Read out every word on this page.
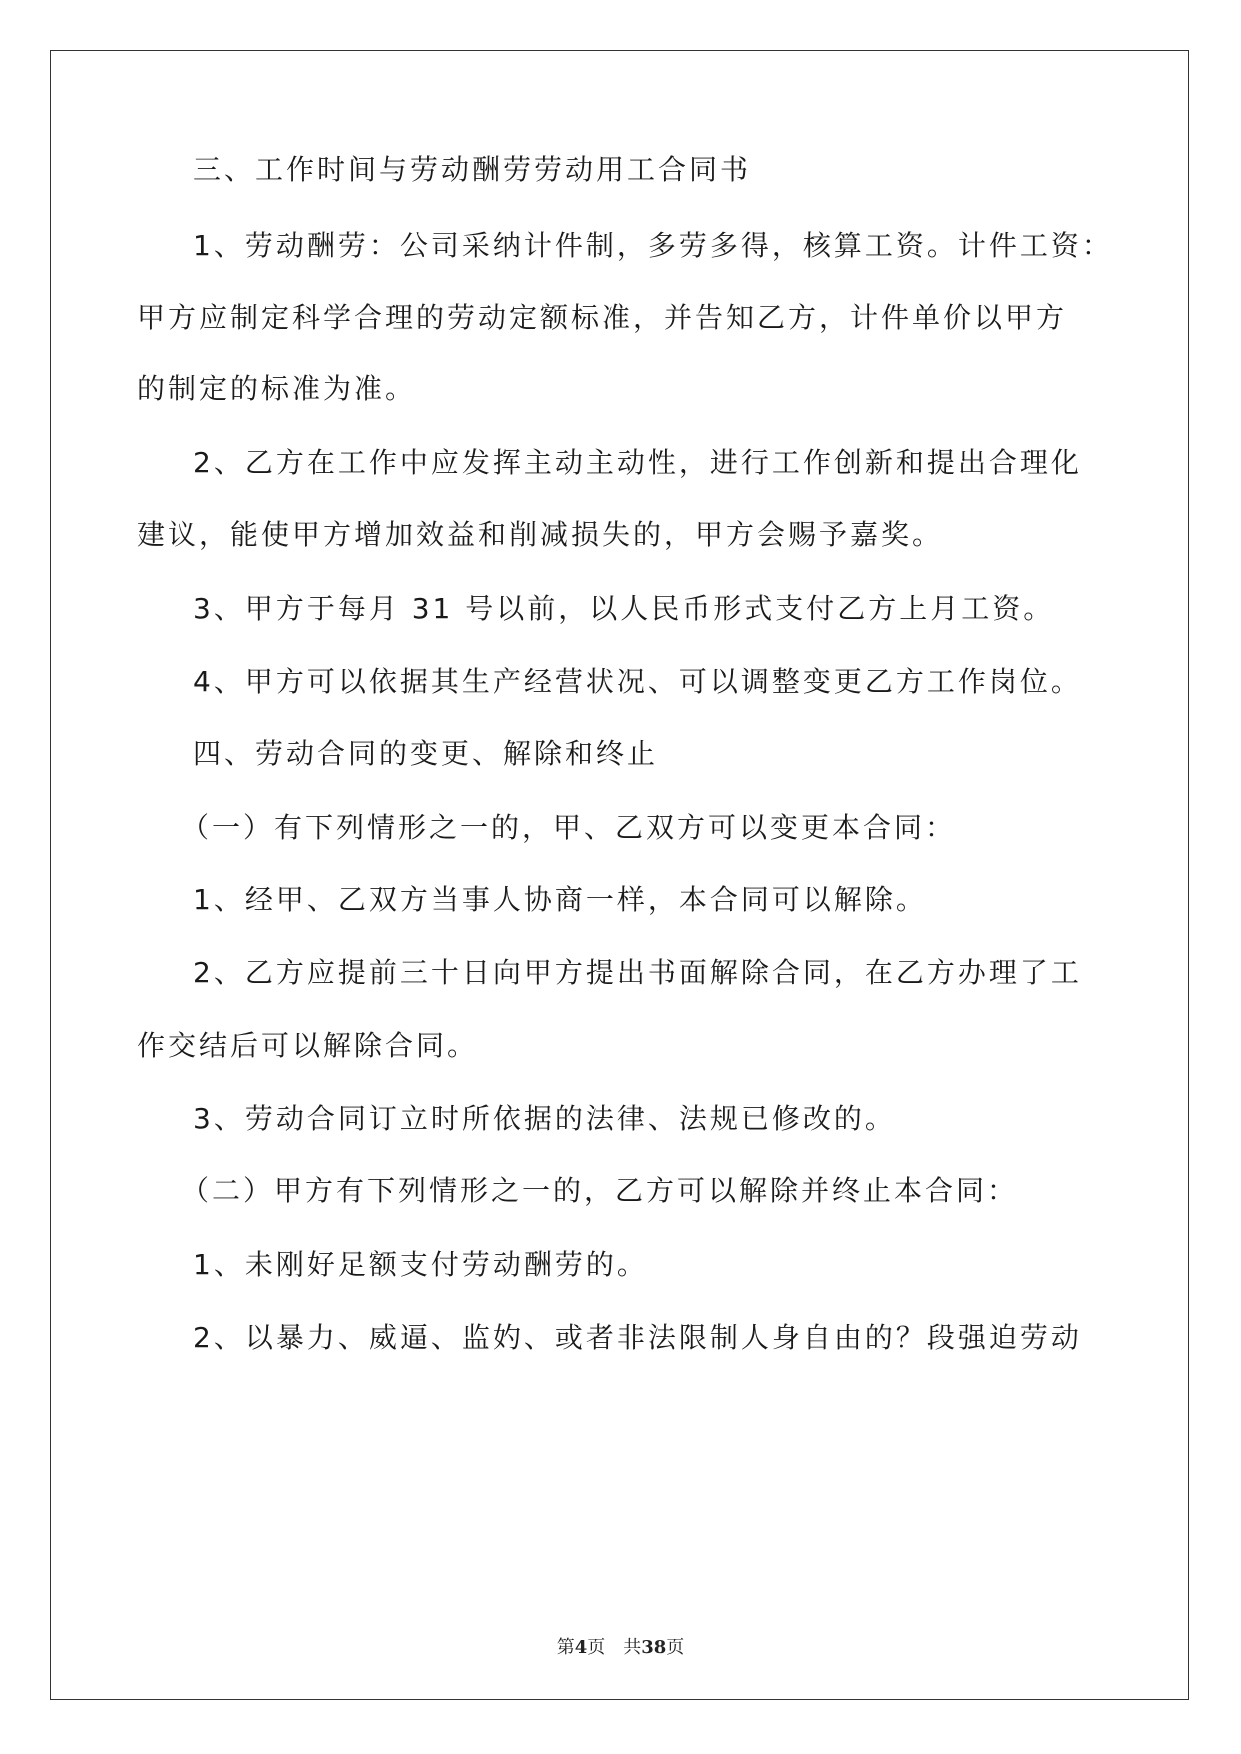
三、工作时间与劳动酬劳劳动用工合同书
1、劳动酬劳：公司采纳计件制，多劳多得，核算工资。计件工资：
甲方应制定科学合理的劳动定额标准，并告知乙方，计件单价以甲方
的制定的标准为准。
2、乙方在工作中应发挥主动主动性，进行工作创新和提出合理化
建议，能使甲方增加效益和削减损失的，甲方会赐予嘉奖。
3、甲方于每月 31 号以前，以人民币形式支付乙方上月工资。
4、甲方可以依据其生产经营状况、可以调整变更乙方工作岗位。
四、劳动合同的变更、解除和终止
（一）有下列情形之一的，甲、乙双方可以变更本合同：
1、经甲、乙双方当事人协商一样，本合同可以解除。
2、乙方应提前三十日向甲方提出书面解除合同，在乙方办理了工
作交结后可以解除合同。
3、劳动合同订立时所依据的法律、法规已修改的。
（二）甲方有下列情形之一的，乙方可以解除并终止本合同：
1、未刚好足额支付劳动酬劳的。
2、以暴力、威逼、监妁、或者非法限制人身自由的？段强迫劳动
第4页　共38页
